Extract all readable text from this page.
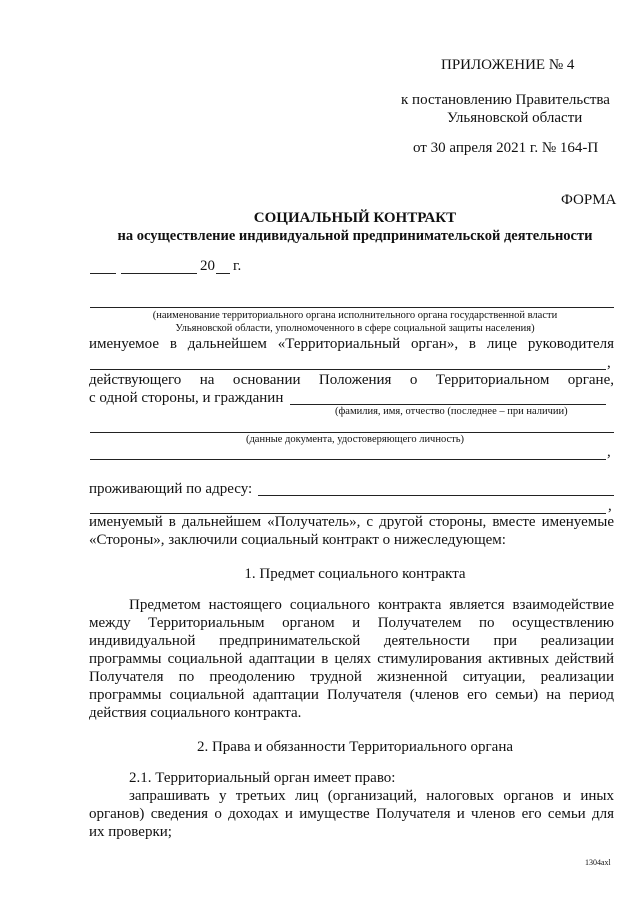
ПРИЛОЖЕНИЕ № 4
к постановлению Правительства
Ульяновской области
от 30 апреля 2021 г. № 164-П
ФОРМА
СОЦИАЛЬНЫЙ КОНТРАКТ
на осуществление индивидуальной предпринимательской деятельности
20 г.
(наименование территориального органа исполнительного органа государственной власти
Ульяновской области, уполномоченного в сфере социальной защиты населения)
именуемое в дальнейшем «Территориальный орган», в лице руководителя
,
действующего на основании Положения о Территориальном органе,
с одной стороны, и гражданин
(фамилия, имя, отчество (последнее – при наличии)
(данные документа, удостоверяющего личность)
,
проживающий по адресу:
,
именуемый в дальнейшем «Получатель», с другой стороны, вместе именуемые
«Стороны», заключили социальный контракт о нижеследующем:
1. Предмет социального контракта
Предметом настоящего социального контракта является взаимодействие
между Территориальным органом и Получателем по осуществлению
индивидуальной предпринимательской деятельности при реализации
программы социальной адаптации в целях стимулирования активных действий
Получателя по преодолению трудной жизненной ситуации, реализации
программы социальной адаптации Получателя (членов его семьи) на период
действия социального контракта.
2. Права и обязанности Территориального органа
2.1. Территориальный орган имеет право:
запрашивать у третьих лиц (организаций, налоговых органов и иных
органов) сведения о доходах и имуществе Получателя и членов его семьи для
их проверки;
1304ахl
